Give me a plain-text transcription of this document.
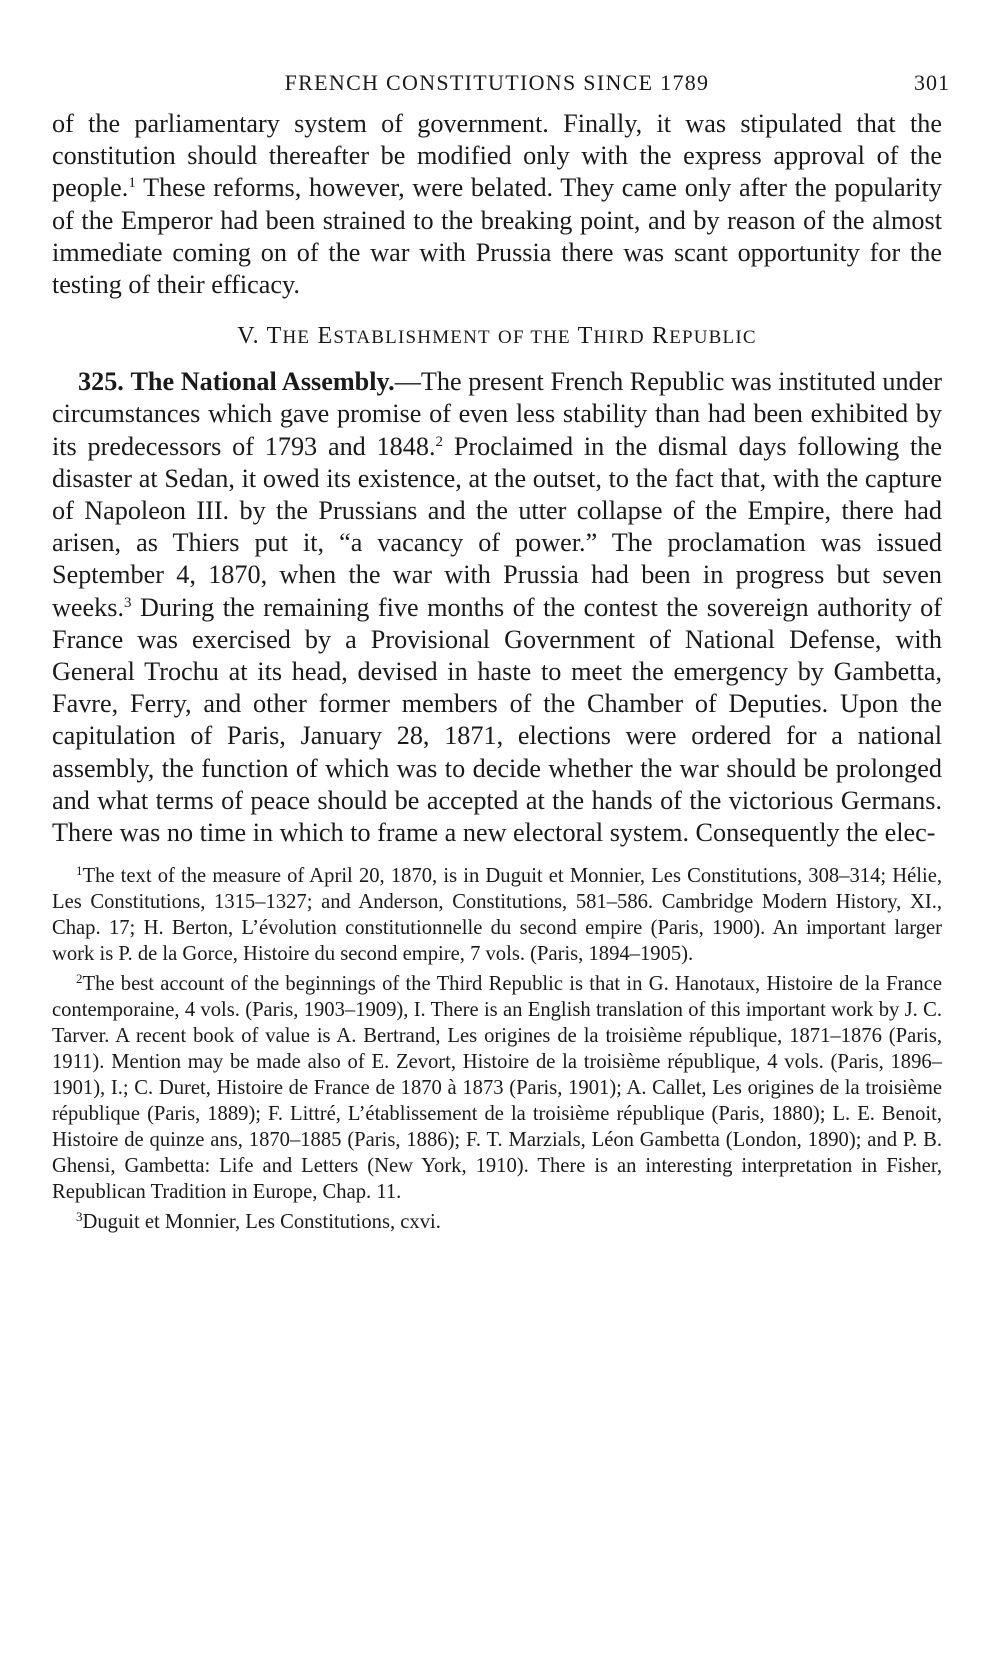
FRENCH CONSTITUTIONS SINCE 1789	301

of the parliamentary system of government. Finally, it was stipulated that the constitution should thereafter be modified only with the express approval of the people.$^1$ These reforms, however, were belated. They came only after the popularity of the Emperor had been strained to the breaking point, and by reason of the almost immediate coming on of the war with Prussia there was scant opportunity for the testing of their efficacy.

V. THE ESTABLISHMENT OF THE THIRD REPUBLIC

325. The National Assembly.—The present French Republic was instituted under circumstances which gave promise of even less stability than had been exhibited by its predecessors of 1793 and 1848.$^2$ Proclaimed in the dismal days following the disaster at Sedan, it owed its existence, at the outset, to the fact that, with the capture of Napoleon III. by the Prussians and the utter collapse of the Empire, there had arisen, as Thiers put it, “a vacancy of power.” The proclamation was issued September 4, 1870, when the war with Prussia had been in progress but seven weeks.$^3$ During the remaining five months of the contest the sovereign authority of France was exercised by a Provisional Government of National Defense, with General Trochu at its head, devised in haste to meet the emergency by Gambetta, Favre, Ferry, and other former members of the Chamber of Deputies. Upon the capitulation of Paris, January 28, 1871, elections were ordered for a national assembly, the function of which was to decide whether the war should be prolonged and what terms of peace should be accepted at the hands of the victorious Germans. There was no time in which to frame a new electoral system. Consequently the elec-

$^1$The text of the measure of April 20, 1870, is in Duguit et Monnier, Les Constitutions, 308–314; Hélie, Les Constitutions, 1315–1327; and Anderson, Constitutions, 581–586. Cambridge Modern History, XI., Chap. 17; H. Berton, L’évolution constitutionnelle du second empire (Paris, 1900). An important larger work is P. de la Gorce, Histoire du second empire, 7 vols. (Paris, 1894–1905).

$^2$The best account of the beginnings of the Third Republic is that in G. Hanotaux, Histoire de la France contemporaine, 4 vols. (Paris, 1903–1909), I. There is an English translation of this important work by J. C. Tarver. A recent book of value is A. Bertrand, Les origines de la troisième république, 1871–1876 (Paris, 1911). Mention may be made also of E. Zevort, Histoire de la troisième république, 4 vols. (Paris, 1896–1901), I.; C. Duret, Histoire de France de 1870 à 1873 (Paris, 1901); A. Callet, Les origines de la troisième république (Paris, 1889); F. Littré, L’établissement de la troisième république (Paris, 1880); L. E. Benoit, Histoire de quinze ans, 1870–1885 (Paris, 1886); F. T. Marzials, Léon Gambetta (London, 1890); and P. B. Ghensi, Gambetta: Life and Letters (New York, 1910). There is an interesting interpretation in Fisher, Republican Tradition in Europe, Chap. 11.

$^3$Duguit et Monnier, Les Constitutions, cxvi.
